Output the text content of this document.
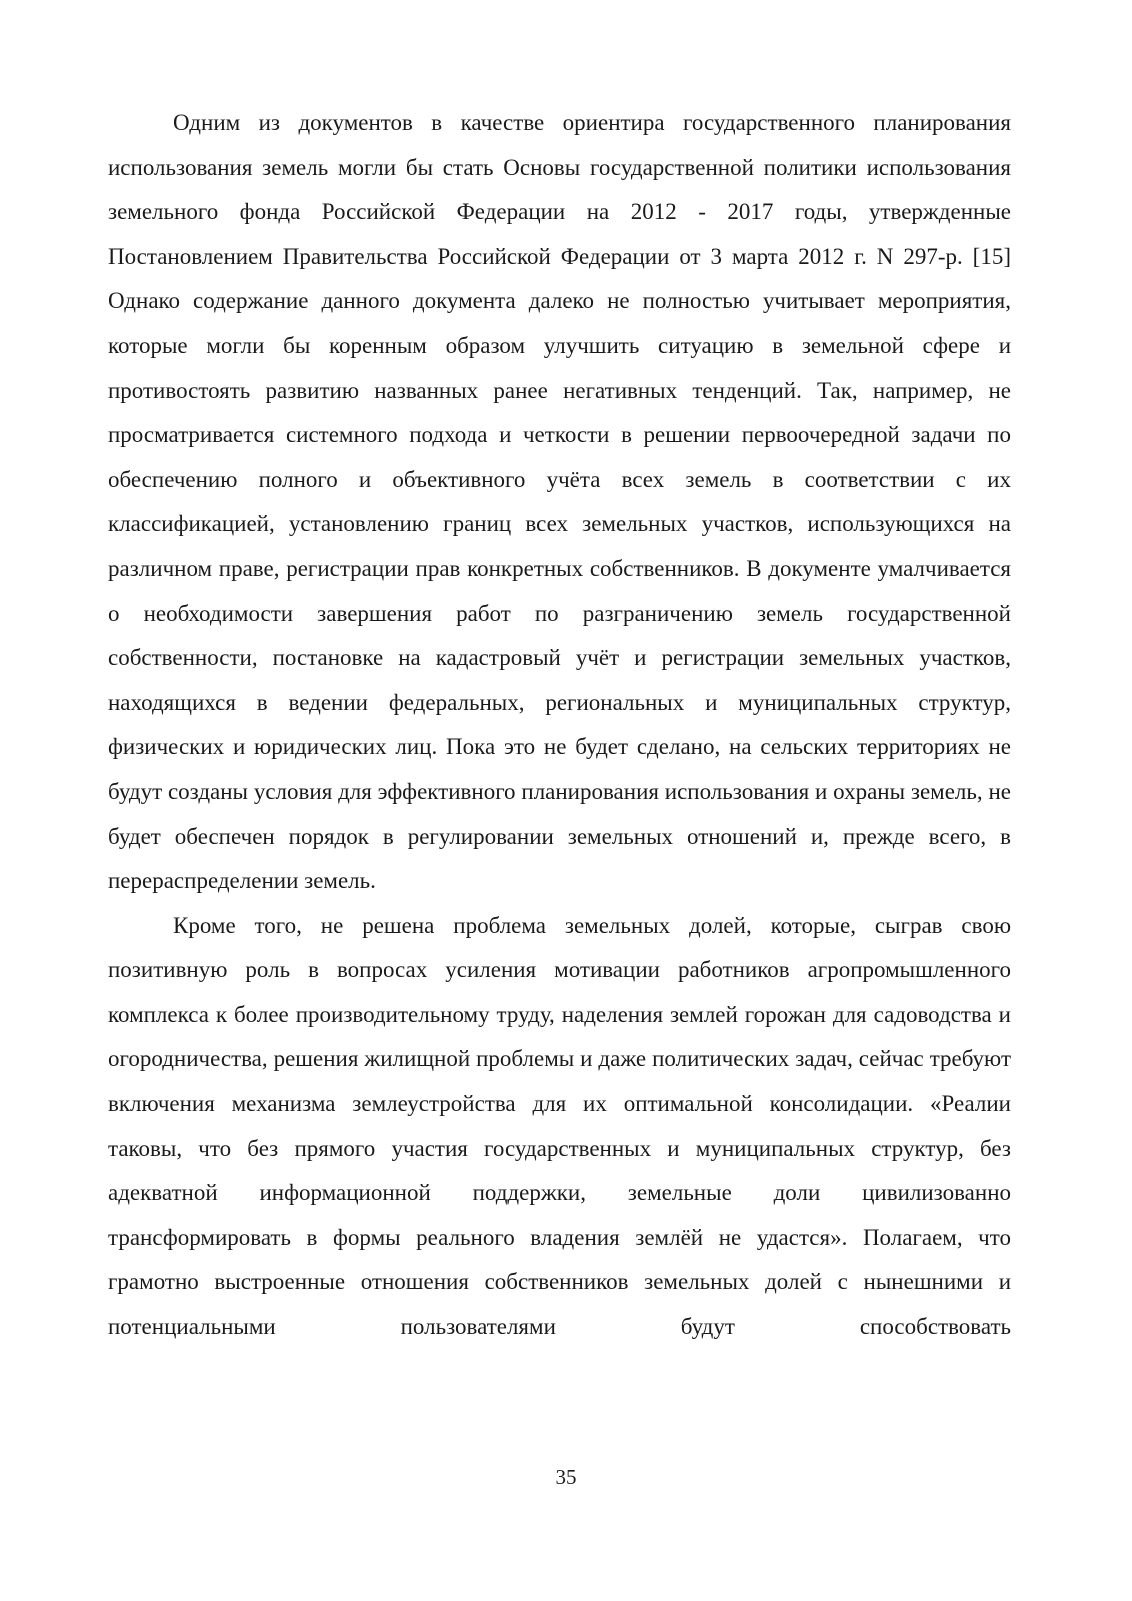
Одним из документов в качестве ориентира государственного планирования использования земель могли бы стать Основы государственной политики использования земельного фонда Российской Федерации на 2012 - 2017 годы, утвержденные Постановлением Правительства Российской Федерации от 3 марта 2012 г. N 297-р. [15] Однако содержание данного документа далеко не полностью учитывает мероприятия, которые могли бы коренным образом улучшить ситуацию в земельной сфере и противостоять развитию названных ранее негативных тенденций. Так, например, не просматривается системного подхода и четкости в решении первоочередной задачи по обеспечению полного и объективного учёта всех земель в соответствии с их классификацией, установлению границ всех земельных участков, использующихся на различном праве, регистрации прав конкретных собственников. В документе умалчивается о необходимости завершения работ по разграничению земель государственной собственности, постановке на кадастровый учёт и регистрации земельных участков, находящихся в ведении федеральных, региональных и муниципальных структур, физических и юридических лиц. Пока это не будет сделано, на сельских территориях не будут созданы условия для эффективного планирования использования и охраны земель, не будет обеспечен порядок в регулировании земельных отношений и, прежде всего, в перераспределении земель.

Кроме того, не решена проблема земельных долей, которые, сыграв свою позитивную роль в вопросах усиления мотивации работников агропромышленного комплекса к более производительному труду, наделения землей горожан для садоводства и огородничества, решения жилищной проблемы и даже политических задач, сейчас требуют включения механизма землеустройства для их оптимальной консолидации. «Реалии таковы, что без прямого участия государственных и муниципальных структур, без адекватной информационной поддержки, земельные доли цивилизованно трансформировать в формы реального владения землёй не удастся». Полагаем, что грамотно выстроенные отношения собственников земельных долей с нынешними и потенциальными пользователями будут способствовать

35
